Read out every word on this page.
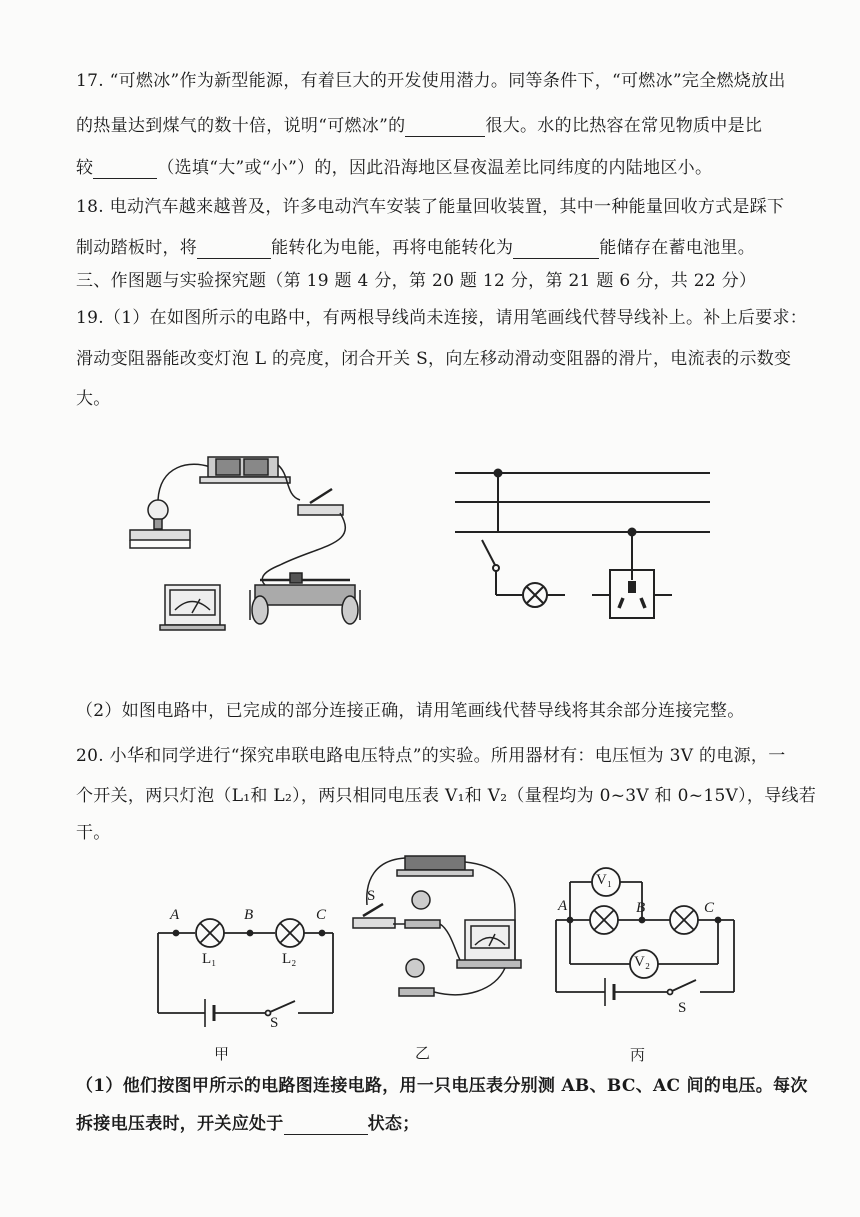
17. “可燃冰”作为新型能源，有着巨大的开发使用潜力。同等条件下，“可燃冰”完全燃烧放出
的热量达到煤气的数十倍，说明“可燃冰”的	很大。水的比热容在常见物质中是比
较	（选填“大”或“小”）的，因此沿海地区昼夜温差比同纬度的内陆地区小。
18. 电动汽车越来越普及，许多电动汽车安装了能量回收装置，其中一种能量回收方式是踩下
制动踏板时，将	能转化为电能，再将电能转化为	能储存在蓄电池里。
三、作图题与实验探究题（第 19 题 4 分，第 20 题 12 分，第 21 题 6 分，共 22 分）
19.（1）在如图所示的电路中，有两根导线尚未连接，请用笔画线代替导线补上。补上后要求：
滑动变阻器能改变灯泡 L 的亮度，闭合开关 S，向左移动滑动变阻器的滑片，电流表的示数变
大。
（2）如图电路中，已完成的部分连接正确，请用笔画线代替导线将其余部分连接完整。
20. 小华和同学进行“探究串联电路电压特点”的实验。所用器材有：电压恒为 3V 的电源，一
个开关，两只灯泡（L₁和 L₂），两只相同电压表 V₁和 V₂（量程均为 0~3V 和 0~15V），导线若
干。
A	B	C
L₁	L₂
S
甲
S
乙
V₁
V₂
A	B	C
S
丙
（1）他们按图甲所示的电路图连接电路，用一只电压表分别测 AB、BC、AC 间的电压。每次
拆接电压表时，开关应处于	状态；
